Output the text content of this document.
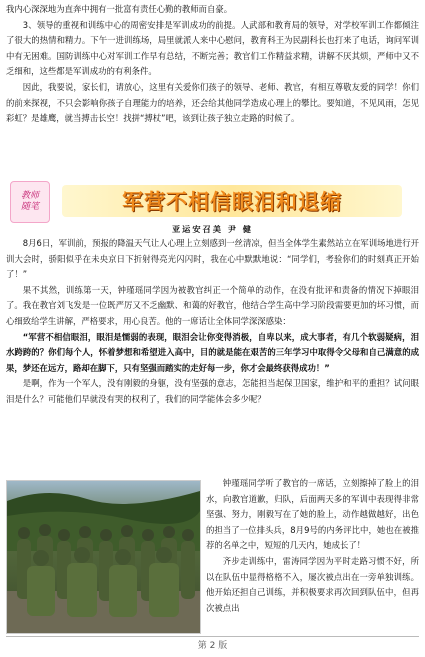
我内心深深地为直奔中拥有一批富有责任心勤的教师而自豪。

3、领导的重视和训练中心的周密安排是军训成功的前提。人武部和教育局的领导，对学校军训工作都倾注了很大的热情和精力。下午一进训练场，局里就派人来中心慰问，教育科王为民副科长也打来了电话，询问军训中有无困难。国防训练中心对军训工作早有总结，不断完善；教官们工作精益求精，讲解不厌其烦，严师中又不乏细和，这些都是军训成功的有利条件。

因此，我要说，家长们，请放心，这里有关爱你们孩子的领导、老师、教官，有相互尊敬友爱的同学！你们的前来探视，不只会影响你孩子自理能力的培养，还会给其他同学造成心理上的攀比。要知道，不见风雨，怎见彩虹？是雄鹰，就当搏击长空！找拼“搏杖”吧，该到让孩子独立走路的时候了。

教师
随笔	军营不相信眼泪和退缩
亚运安召美 尹 健

8月6日，军训前，预报的降温天气让人心理上立刻感到一丝清凉，但当全体学生素然站立在军训场地进行开训大会时，骄阳似乎在未央京日下折射得亮光闪闪时，我在心中默默地说：“同学们，考验你们的时刻真正开始了！”

果不其然，训练第一天，钟瑾瑶同学因为被教官纠正一个简单的动作，在没有批评和责备的情况下掉眼泪了。我在教官刘飞发是一位既严厉又不乏幽默、和蔼的好教官，他结合学生高中学习阶段需要更加的坏习惯，而心细致给学生讲解，严格要求，用心良苦。他的一席话让全体同学深深感染：

“军营不相信眼泪，眼泪是懦弱的表现，眼泪会让你变得消极，自卑以来，成大事者，有几个软弱疑病，泪水跨跨的？你们每个人，怀着梦想和希望进入高中，目的就是能在艰苦的三年学习中取得令父母和自己满意的成果，梦还在远方，路却在脚下，只有坚强而踏实的走好每一步，你才会最终获得成功！”

是啊，作为一个军人，没有刚毅的身躯，没有坚强的意志，怎能担当起保卫国家，维护和平的重担？试问眼泪是什么？可能他们早就没有哭的权利了，我们的同学能体会多少呢？

钟瑾瑶同学听了教官的一席话，立刻擦掉了脸上的泪水，向教官道歉，归队，后面两天多的军训中表现得非常坚强、努力，刚毅写在了她的脸上，动作越做越好，出色的担当了一位排头兵，8月9号的内务评比中，她也在被推荐的名单之中，短短的几天内，她成长了！

齐步走训练中，雷涛同学因为平时走路习惯不好，所以在队伍中显得格格不入，屡次被点出在一旁单独训练。他开始还担自己训练，并积极要求再次回到队伍中，但再次被点出

第 2 版
